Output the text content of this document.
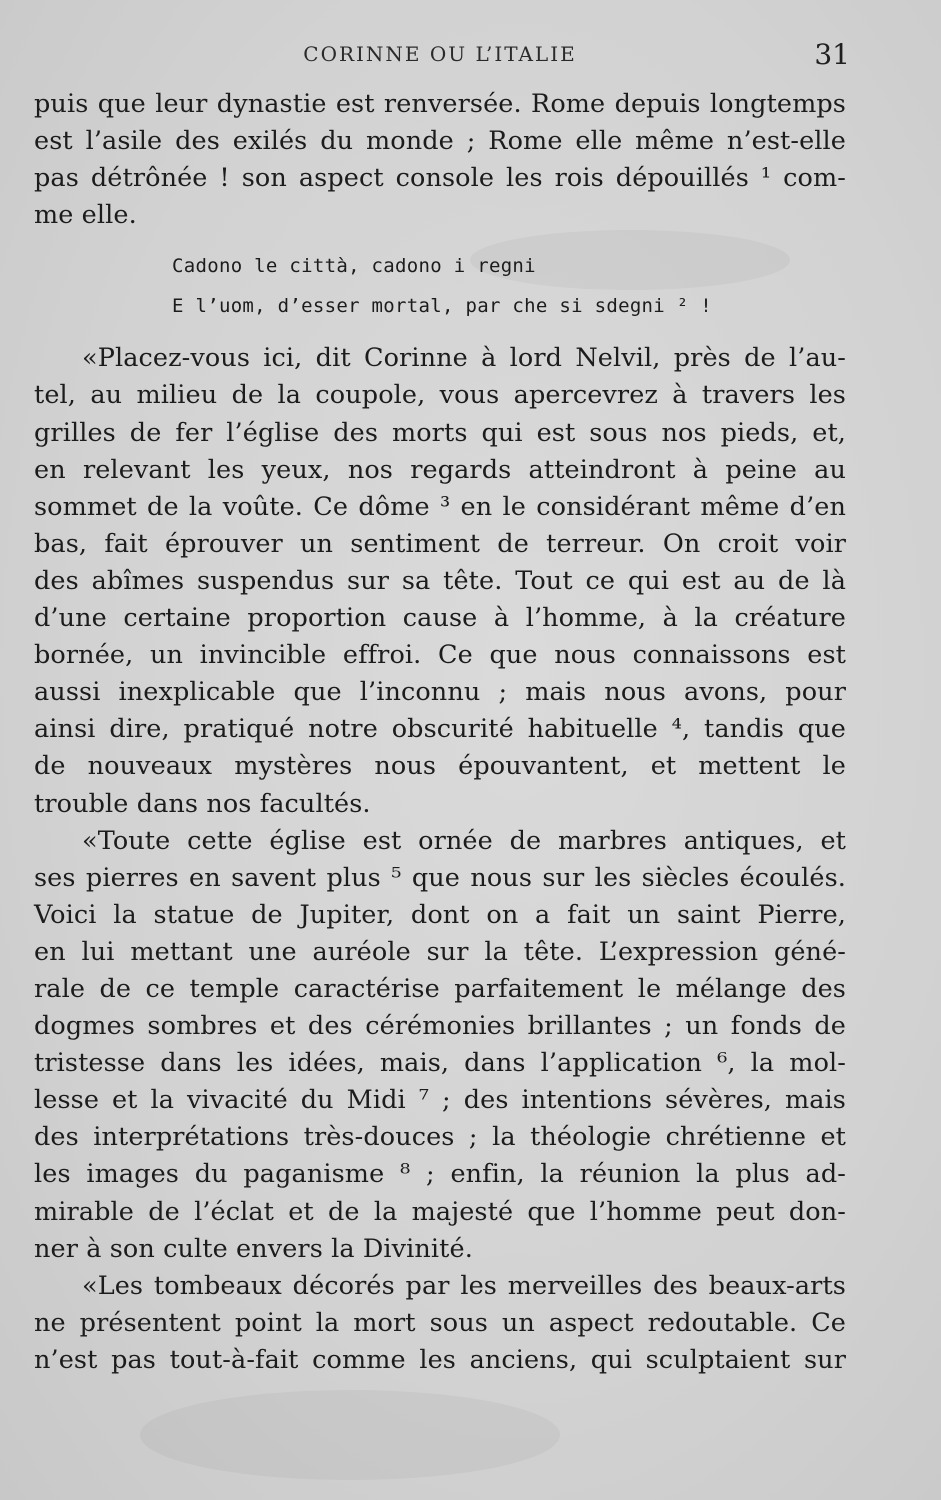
CORINNE OU L’ITALIE	31
puis que leur dynastie est renversée. Rome depuis longtemps
est l’asile des exilés du monde ; Rome elle même n’est-elle
pas détrônée ! son aspect console les rois dépouillés ¹ com-
me elle.
Cadono le città, cadono i regni
E l’uom, d’esser mortal, par che si sdegni ² !
«Placez-vous ici, dit Corinne à lord Nelvil, près de l’au-
tel, au milieu de la coupole, vous apercevrez à travers les
grilles de fer l’église des morts qui est sous nos pieds, et,
en relevant les yeux, nos regards atteindront à peine au
sommet de la voûte. Ce dôme ³ en le considérant même d’en
bas, fait éprouver un sentiment de terreur. On croit voir
des abîmes suspendus sur sa tête. Tout ce qui est au de là
d’une certaine proportion cause à l’homme, à la créature
bornée, un invincible effroi. Ce que nous connaissons est
aussi inexplicable que l’inconnu ; mais nous avons, pour
ainsi dire, pratiqué notre obscurité habituelle ⁴, tandis que
de nouveaux mystères nous épouvantent, et mettent le
trouble dans nos facultés.
«Toute cette église est ornée de marbres antiques, et
ses pierres en savent plus ⁵ que nous sur les siècles écoulés.
Voici la statue de Jupiter, dont on a fait un saint Pierre,
en lui mettant une auréole sur la tête. L’expression géné-
rale de ce temple caractérise parfaitement le mélange des
dogmes sombres et des cérémonies brillantes ; un fonds de
tristesse dans les idées, mais, dans l’application ⁶, la mol-
lesse et la vivacité du Midi ⁷ ; des intentions sévères, mais
des interprétations très-douces ; la théologie chrétienne et
les images du paganisme ⁸ ; enfin, la réunion la plus ad-
mirable de l’éclat et de la majesté que l’homme peut don-
ner à son culte envers la Divinité.
«Les tombeaux décorés par les merveilles des beaux-arts
ne présentent point la mort sous un aspect redoutable. Ce
n’est pas tout-à-fait comme les anciens, qui sculptaient sur
